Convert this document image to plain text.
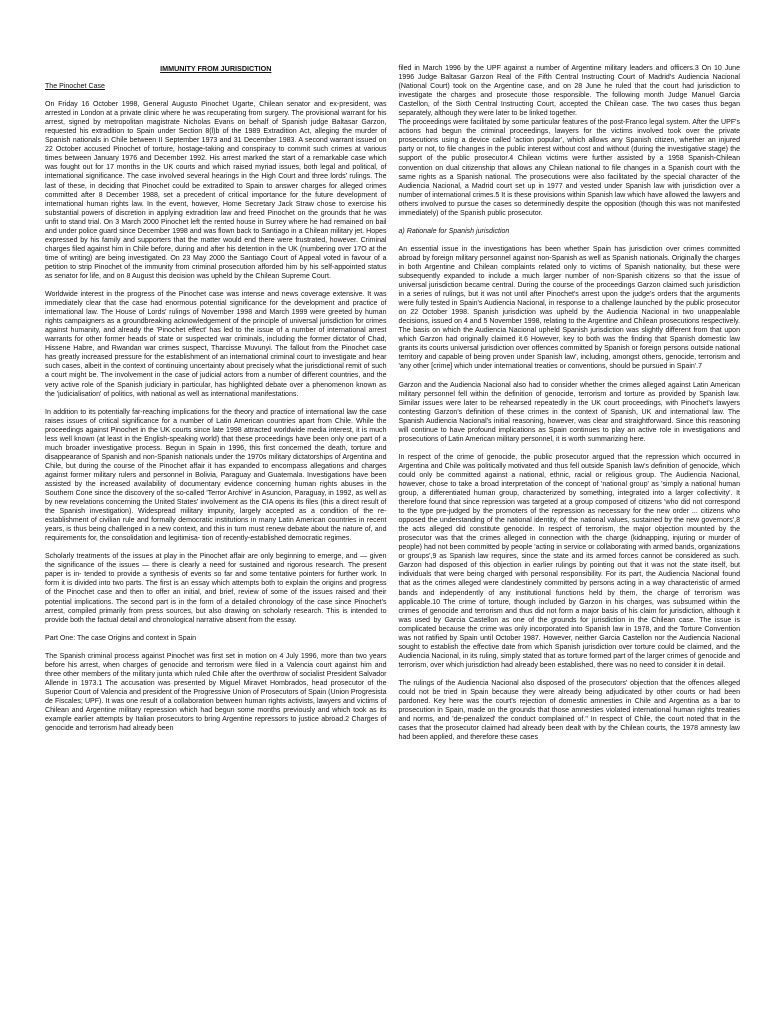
IMMUNITY FROM JURISDICTION

The Pinochet Case

On Friday 16 October 1998, General Augusto Pinochet Ugarte, Chilean senator and ex-president, was arrested in London at a private clinic where he was recuperating from surgery. The provisional warrant for his arrest, signed by metropolitan magistrate Nicholas Evans on behalf of Spanish judge Baltasar Garzon, requested his extradition to Spain under Section 8(l)b of the 1989 Extradition Act, alleging the murder of Spanish nationals in Chile between II September 1973 and 31 December 1983. A second warrant issued on 22 October accused Pinochet of torture, hostage-taking and conspiracy to commit such crimes at various times between January 1976 and December 1992. His arrest marked the start of a remarkable case which was fought out for 17 months in the UK courts and which raised myriad issues, both legal and political, of international significance. The case involved several hearings in the High Court and three lords' rulings. The last of these, in deciding that Pinochet could be extradited to Spain to answer charges for alleged crimes committed after 8 December 1988, set a precedent of critical importance for the future development of international human rights law. In the event, however, Home Secretary Jack Straw chose to exercise his substantial powers of discretion in applying extradition law and freed Pinochet on the grounds that he was unfit to stand trial. On 3 March 2000 Pinochet left the rented house in Surrey where he had remained on bail and under police guard since December 1998 and was flown back to Santiago in a Chilean military jet. Hopes expressed by his family and supporters that the matter would end there were frustrated, however. Criminal charges filed against him in Chile before, during and after his detention in the UK (numbering over 17O at the time of writing) are being investigated. On 23 May 2000 the Santiago Court of Appeal voted in favour of a petition to strip Pinochet of the immunity from criminal prosecution afforded him by his self-appointed status as senator for life, and on 8 August this decision was upheld by the Chilean Supreme Court.

Worldwide interest in the progress of the Pinochet case was intense and news coverage extensive. It was immediately clear that the case had enormous potential significance for the development and practice of international law. The House of Lords' rulings of November 1998 and March 1999 were greeted by human rights campaigners as a groundbreaking acknowledgement of the principle of universal jurisdiction for crimes against humanity, and already the 'Pinochet effect' has led to the issue of a number of international arrest warrants for other former heads of state or suspected war criminals, including the former dictator of Chad, Hissene Habre, and Rwandan war crimes suspect, Tharcisse Muvunyi. The fallout from the Pinochet case has greatly increased pressure for the establishment of an international criminal court to investigate and hear such cases, albeit in the context of continuing uncertainty about precisely what the jurisdictional remit of such a court might be. The involvement in the case of judicial actors from a number of different countries, and the very active role of the Spanish judiciary in particular, has highlighted debate over a phenomenon known as the 'judicialisation' of politics, with national as well as international manifestations.

In addition to its potentially far-reaching implications for the theory and practice of international law the case raises issues of critical significance for a number of Latin American countries apart from Chile. While the proceedings against Pinochet in the UK courts since late 1998 attracted worldwide media interest, it is much less well known (at least in the English-speaking world) that these proceedings have been only one part of a much broader investigative process. Begun in Spain in 1996, this first concerned the death, torture and disappearance of Spanish and non-Spanish nationals under the 1970s military dictatorships of Argentina and Chile, but during the course of the Pinochet affair it has expanded to encompass allegations and charges against former military rulers and personnel in Bolivia, Paraguay and Guatemala. Investigations have been assisted by the increased availability of documentary evidence concerning human rights abuses in the Southern Cone since the discovery of the so-called 'Terror Archive' in Asuncion, Paraguay, in 1992, as well as by new revelations concerning the United States' involvement as the CIA opens its files (this a direct result of the Spanish investigation). Widespread military impunity, largely accepted as a condition of the re-establishment of civilian rule and formally democratic institutions in many Latin American countries in recent years, is thus being challenged in a new context, and this in turn must renew debate about the nature of, and requirements for, the consolidation and legitimisa- tion of recently-established democratic regimes.

Scholarly treatments of the issues at play in the Pinochet affair are only beginning to emerge, and — given the significance of the issues — there is clearly a need for sustained and rigorous research. The present paper is in- tended to provide a synthesis of events so far and some tentative pointers for further work. In form it is divided into two parts. The first is an essay which attempts both to explain the origins and progress of the Pinochet case and then to offer an initial, and brief, review of some of the issues raised and their potential implications. The second part is in the form of a detailed chronology of the case since Pinochet's arrest, compiled primarily from press sources, but also drawing on scholarly research. This is intended to provide both the factual detail and chronological narrative absent from the essay.

Part One: The case Origins and context in Spain

The Spanish criminal process against Pinochet was first set in motion on 4 July 1996, more than two years before his arrest, when charges of genocide and terrorism were filed in a Valencia court against him and three other members of the military junta which ruled Chile after the overthrow of socialist President Salvador Allende in 1973.1 The accusation was presented by Miguel Miravet Hombrados, head prosecutor of the Superior Court of Valencia and president of the Progressive Union of Prosecutors of Spain (Union Progresista de Fiscales; UPF). It was one result of a collaboration between human rights activists, lawyers and victims of Chilean and Argentine military repression which had begun some months previously and which took as its example earlier attempts by Italian prosecutors to bring Argentine repressors to justice abroad.2 Charges of genocide and terrorism had already been

filed in March 1996 by the UPF against a number of Argentine military leaders and officers.3 On 10 June 1996 Judge Baltasar Garzon Real of the Fifth Central Instructing Court of Madrid's Audiencia Nacional (National Court) took on the Argentine case, and on 28 June he ruled that the court had jurisdiction to investigate the charges and prosecute those responsible. The following month Judge Manuel Garcia Castellon, of the Sixth Central Instructing Court, accepted the Chilean case. The two cases thus began separately, although they were later to be linked together.

The proceedings were facilitated by some particular features of the post-Franco legal system. After the UPF's actions had begun the criminal proceedings, lawyers for the victims involved took over the private prosecutions using a device called 'action popular', which allows any Spanish citizen, whether an injured party or not, to file changes in the public interest without cost and without (during the investigative stage) the support of the public prosecutor.4 Chilean victims were further assisted by a 1958 Spanish-Chilean convention on dual citizenship that allows any Chilean national to file changes in a Spanish court with the same rights as a Spanish national. The prosecutions were also facilitated by the special character of the Audiencia Nacional, a Madrid court set up in 1977 and vested under Spanish law with jurisdiction over a number of international crimes.5 It is these provisions within Spanish law which have allowed the lawyers and others involved to pursue the cases so determinedly despite the opposition (though this was not manifested immediately) of the Spanish public prosecutor.

a) Rationale for Spanish jurisdiction

An essential issue in the investigations has been whether Spain has jurisdiction over crimes committed abroad by foreign military personnel against non-Spanish as well as Spanish nationals. Originally the charges in both Argentine and Chilean complaints related only to victims of Spanish nationality, but these were subsequently expanded to include a much larger number of non-Spanish citizens so that the issue of universal jurisdiction became central. During the course of the proceedings Garzon claimed such jurisdiction in a series of rulings, but it was not until after Pinochet's arrest upon the judge's orders that the arguments were fully tested in Spain's Audiencia Nacional, in response to a challenge launched by the public prosecutor on 22 October 1998. Spanish jurisdiction was upheld by the Audiencia Nacional in two unappealable decisions, issued on 4 and 5 November 1998, relating to the Argentine and Chilean prosecutions respectively. The basis on which the Audiencia Nacional upheld Spanish jurisdiction was slightly different from that upon which Garzon had originally claimed it.6 However, key to both was the finding that Spanish domestic law grants its courts universal jurisdiction over offences committed by Spanish or foreign persons outside national territory and capable of being proven under Spanish law', including, amongst others, genocide, terrorism and 'any other [crime] which under international treaties or conventions, should be pursued in Spain'.7

Garzon and the Audiencia Nacional also had to consider whether the crimes alleged against Latin American military personnel fell within the definition of genocide, terrorism and torture as provided by Spanish law. Similar issues were later to be rehearsed repeatedly in the UK court proceedings, with Pinochet's lawyers contesting Garzon's definition of these crimes in the context of Spanish, UK and international law. The Spanish Audiencia Nacional's initial reasoning, however, was clear and straightforward. Since this reasoning will continue to have profound implications as Spain continues to play an active role in investigations and prosecutions of Latin American military personnel, it is worth summarizing here.

In respect of the crime of genocide, the public prosecutor argued that the repression which occurred in Argentina and Chile was politically motivated and thus fell outside Spanish law's definition of genocide, which could only be committed against a national, ethnic, racial or religious group. The Audiencia Nacional, however, chose to take a broad interpretation of the concept of 'national group' as 'simply a national human group, a differentiated human group, characterized by something, integrated into a larger collectivity'. It therefore found that since repression was targeted at a group composed of citizens 'who did not correspond to the type pre-judged by the promoters of the repression as necessary for the new order ... citizens who opposed the understanding of the national identity, of the national values, sustained by the new governors',8 the acts alleged did constitute genocide. In respect of terrorism, the major objection mounted by the prosecutor was that the crimes alleged in connection with the charge (kidnapping, injuring or murder of people) had not been committed by people 'acting in service or collaborating with armed bands, organizations or groups',9 as Spanish law requires, since the state and its armed forces cannot be considered as such. Garzon had disposed of this objection in earlier rulings by pointing out that it was not the state itself, but individuals that were being charged with personal responsibility. For its part, the Audiencia Nacional found that as the crimes alleged were clandestinely committed by persons acting in a way characteristic of armed bands and independently of any institutional functions held by them, the charge of terrorism was applicable.10 The crime of torture, though included by Garzon in his charges, was subsumed within the crimes of genocide and terrorism and thus did not form a major basis of his claim for jurisdiction, although it was used by Garcia Castellon as one of the grounds for jurisdiction in the Chilean case. The issue is complicated because the crime was only incorporated into Spanish law in 1978, and the Torture Convention was not ratified by Spain until October 1987. However, neither Garcia Castellon nor the Audiencia Nacional sought to establish the effective date from which Spanish jurisdiction over torture could be claimed, and the Audiencia Nacional, in its ruling, simply stated that as torture formed part of the larger crimes of genocide and terrorism, over which jurisdiction had already been established, there was no need to consider it in detail.

The rulings of the Audiencia Nacional also disposed of the prosecutors' objection that the offences alleged could not be tried in Spain because they were already being adjudicated by other courts or had been pardoned. Key here was the court's rejection of domestic amnesties in Chile and Argentina as a bar to prosecution in Spain, made on the grounds that those amnesties violated international human rights treaties and norms, and 'de-penalized' the conduct complained of." In respect of Chile, the court noted that in the cases that the prosecutor claimed had already been dealt with by the Chilean courts, the 1978 amnesty law had been applied, and therefore these cases
